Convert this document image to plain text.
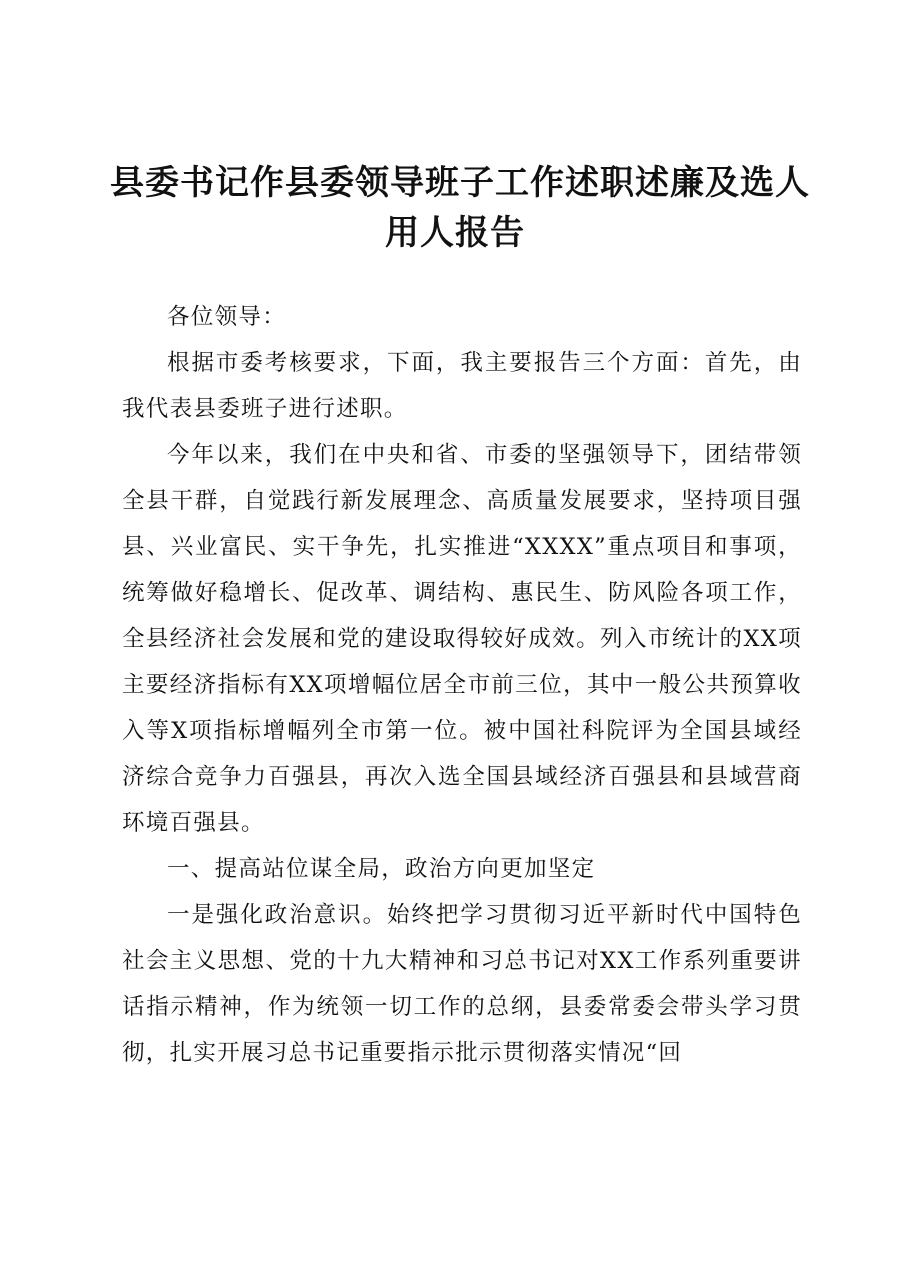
县委书记作县委领导班子工作述职述廉及选人
用人报告

各位领导：

根据市委考核要求，下面，我主要报告三个方面：首先，由我代表县委班子进行述职。

今年以来，我们在中央和省、市委的坚强领导下，团结带领全县干群，自觉践行新发展理念、高质量发展要求，坚持项目强县、兴业富民、实干争先，扎实推进“XXXX”重点项目和事项，统筹做好稳增长、促改革、调结构、惠民生、防风险各项工作，全县经济社会发展和党的建设取得较好成效。列入市统计的XX项主要经济指标有XX项增幅位居全市前三位，其中一般公共预算收入等X项指标增幅列全市第一位。被中国社科院评为全国县域经济综合竞争力百强县，再次入选全国县域经济百强县和县域营商环境百强县。

一、提高站位谋全局，政治方向更加坚定

一是强化政治意识。始终把学习贯彻习近平新时代中国特色社会主义思想、党的十九大精神和习总书记对XX工作系列重要讲话指示精神，作为统领一切工作的总纲，县委常委会带头学习贯彻，扎实开展习总书记重要指示批示贯彻落实情况“回
